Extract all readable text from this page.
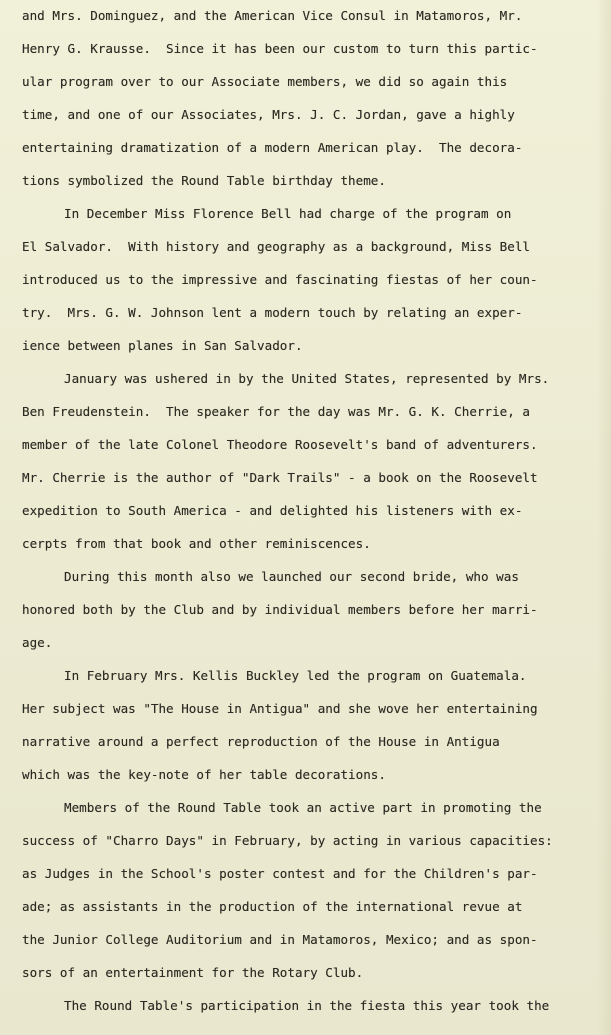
and Mrs. Dominguez, and the American Vice Consul in Matamoros, Mr.
Henry G. Krausse.  Since it has been our custom to turn this partic-
ular program over to our Associate members, we did so again this
time, and one of our Associates, Mrs. J. C. Jordan, gave a highly
entertaining dramatization of a modern American play.  The decora-
tions symbolized the Round Table birthday theme.
In December Miss Florence Bell had charge of the program on
El Salvador.  With history and geography as a background, Miss Bell
introduced us to the impressive and fascinating fiestas of her coun-
try.  Mrs. G. W. Johnson lent a modern touch by relating an exper-
ience between planes in San Salvador.
January was ushered in by the United States, represented by Mrs.
Ben Freudenstein.  The speaker for the day was Mr. G. K. Cherrie, a
member of the late Colonel Theodore Roosevelt's band of adventurers.
Mr. Cherrie is the author of "Dark Trails" - a book on the Roosevelt
expedition to South America - and delighted his listeners with ex-
cerpts from that book and other reminiscences.
During this month also we launched our second bride, who was
honored both by the Club and by individual members before her marri-
age.
In February Mrs. Kellis Buckley led the program on Guatemala.
Her subject was "The House in Antigua" and she wove her entertaining
narrative around a perfect reproduction of the House in Antigua
which was the key-note of her table decorations.
Members of the Round Table took an active part in promoting the
success of "Charro Days" in February, by acting in various capacities:
as Judges in the School's poster contest and for the Children's par-
ade; as assistants in the production of the international revue at
the Junior College Auditorium and in Matamoros, Mexico; and as spon-
sors of an entertainment for the Rotary Club.
The Round Table's participation in the fiesta this year took the
